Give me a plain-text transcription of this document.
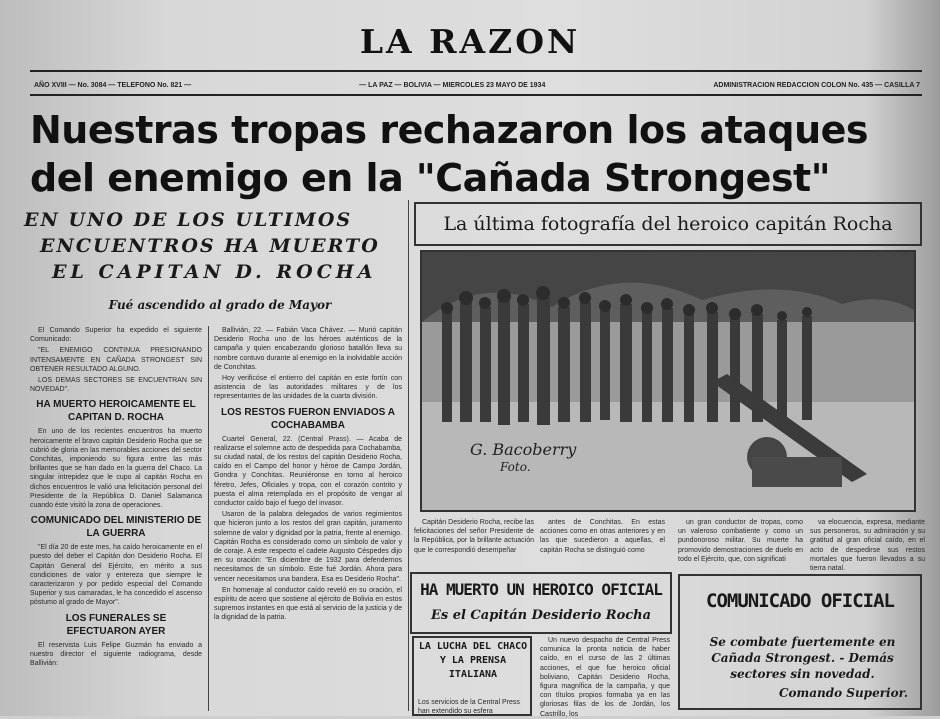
LA RAZON
AÑO XVIII — No. 3084 — TELEFONO No. 821 —	— LA PAZ — BOLIVIA — MIERCOLES 23 MAYO DE 1934	ADMINISTRACION REDACCION COLON No. 435 — CASILLA 7
Nuestras tropas rechazaron los ataques
del enemigo en la "Cañada Strongest"
EN UNO DE LOS ULTIMOS
ENCUENTROS HA MUERTO
EL CAPITAN D. ROCHA
Fué ascendido al grado de Mayor

El Comando Superior ha expedido el siguiente Comunicado:

"EL ENEMIGO CONTINUA PRESIONANDO INTENSAMENTE EN CAÑADA STRONGEST SIN OBTENER RESULTADO ALGUNO.

LOS DEMAS SECTORES SE ENCUENTRAN SIN NOVEDAD".

HA MUERTO HEROICAMENTE EL CAPITAN D. ROCHA

En uno de los recientes encuentros ha muerto heroicamente el bravo capitán Desiderio Rocha que se cubrió de gloria en las memorables acciones del sector Conchitas, imponiendo su figura entre las más brillantes que se han dado en la guerra del Chaco. La singular intrepidez que le cupo al capitán Rocha en dichos encuentros le valió una felicitación personal del Presidente de la República D. Daniel Salamanca cuando éste visitó la zona de operaciones.

COMUNICADO DEL MINISTERIO DE LA GUERRA

"El día 20 de este mes, ha caído heroicamente en el puesto del deber el Capitán don Desiderio Rocha. El Capitán General del Ejército, en mérito a sus condiciones de valor y entereza que siempre le caracterizaron y por pedido especial del Comando Superior y sus camaradas, le ha concedido el ascenso póstumo al grado de Mayor".

LOS FUNERALES SE EFECTUARON AYER

El reservista Luis Felipe Guzmán ha enviado a nuestro director el siguiente radiograma, desde Ballivián:

Ballivián, 22. — Fabián Vaca Chávez. — Murió capitán Desiderio Rocha uno de los héroes auténticos de la campaña y quien encabezando glorioso batallón lleva su nombre contuvo durante al enemigo en la inolvidable acción de Conchitas.

Hoy verificóse el entierro del capitán en este fortín con asistencia de las autoridades militares y de los representantes de las unidades de la cuarta división.

LOS RESTOS FUERON ENVIADOS A COCHABAMBA

Cuartel General, 22. (Central Prass). — Acaba de realizarse el solemne acto de despedida para Cochabamba, su ciudad natal, de los restos del capitán Desiderio Rocha, caído en el Campo del honor y héroe de Campo Jordán, Gondra y Conchitas. Reuniéronse en torno al heroico féretro, Jefes, Oficiales y tropa, con el corazón contrito y puesta el alma retemplada en el propósito de vengar al conductor caído bajo el fuego del invasor.

Usaron de la palabra delegados de varios regimientos que hicieron junto a los restos del gran capitán, juramento solemne de valor y dignidad por la patria, frente al enemigo. Capitán Rocha es considerado como un símbolo de valor y de coraje. A este respecto el cadete Augusto Céspedes dijo en su oración: "En diciembre de 1932 para defendernos necesitamos de un símbolo. Este fué Jordán. Ahora para vencer necesitamos una bandera. Esa es Desiderio Rocha".

En homenaje al conductor caído reveló en su oración, el espíritu de acero que sostiene al ejército de Bolivia en estos supremos instantes en que está al servicio de la justicia y de la dignidad de la patria.

La última fotografía del heroico capitán Rocha
G. Bacoberry
Foto.

Capitán Desiderio Rocha, recibe las felicitaciones del señor Presidente de la República, por la brillante actuación que le correspondió desempeñar

antes de Conchitas. En estas acciones como en otras anteriores y en las que sucedieron a aquellas, el capitán Rocha se distinguió como

un gran conductor de tropas, como un valeroso combatiente y como un pundonoroso militar. Su muerte ha promovido demostraciones de duelo en todo el Ejército, que, con significati

va elocuencia, expresa, mediante sus personeros, su admiración y su gratitud al gran oficial caído, en el acto de despedirse sus restos mortales que fueron llevados a su tierra natal.

HA MUERTO UN HEROICO OFICIAL
Es el Capitán Desiderio Rocha
LA LUCHA DEL CHACO Y LA PRENSA ITALIANA
Los servicios de la Central Press han extendido su esfera

Un nuevo despacho de Central Press comunica la pronta noticia de haber caído, en el curso de las 2 últimas acciones, el que fue heroico oficial boliviano, Capitán Desiderio Rocha, figura magnífica de la campaña, y que con títulos propios formaba ya en las gloriosas filas de los de Jordán, los Castrillo, los

COMUNICADO OFICIAL
Se combate fuertemente en Cañada Strongest. - Demás sectores sin novedad.
Comando Superior.
